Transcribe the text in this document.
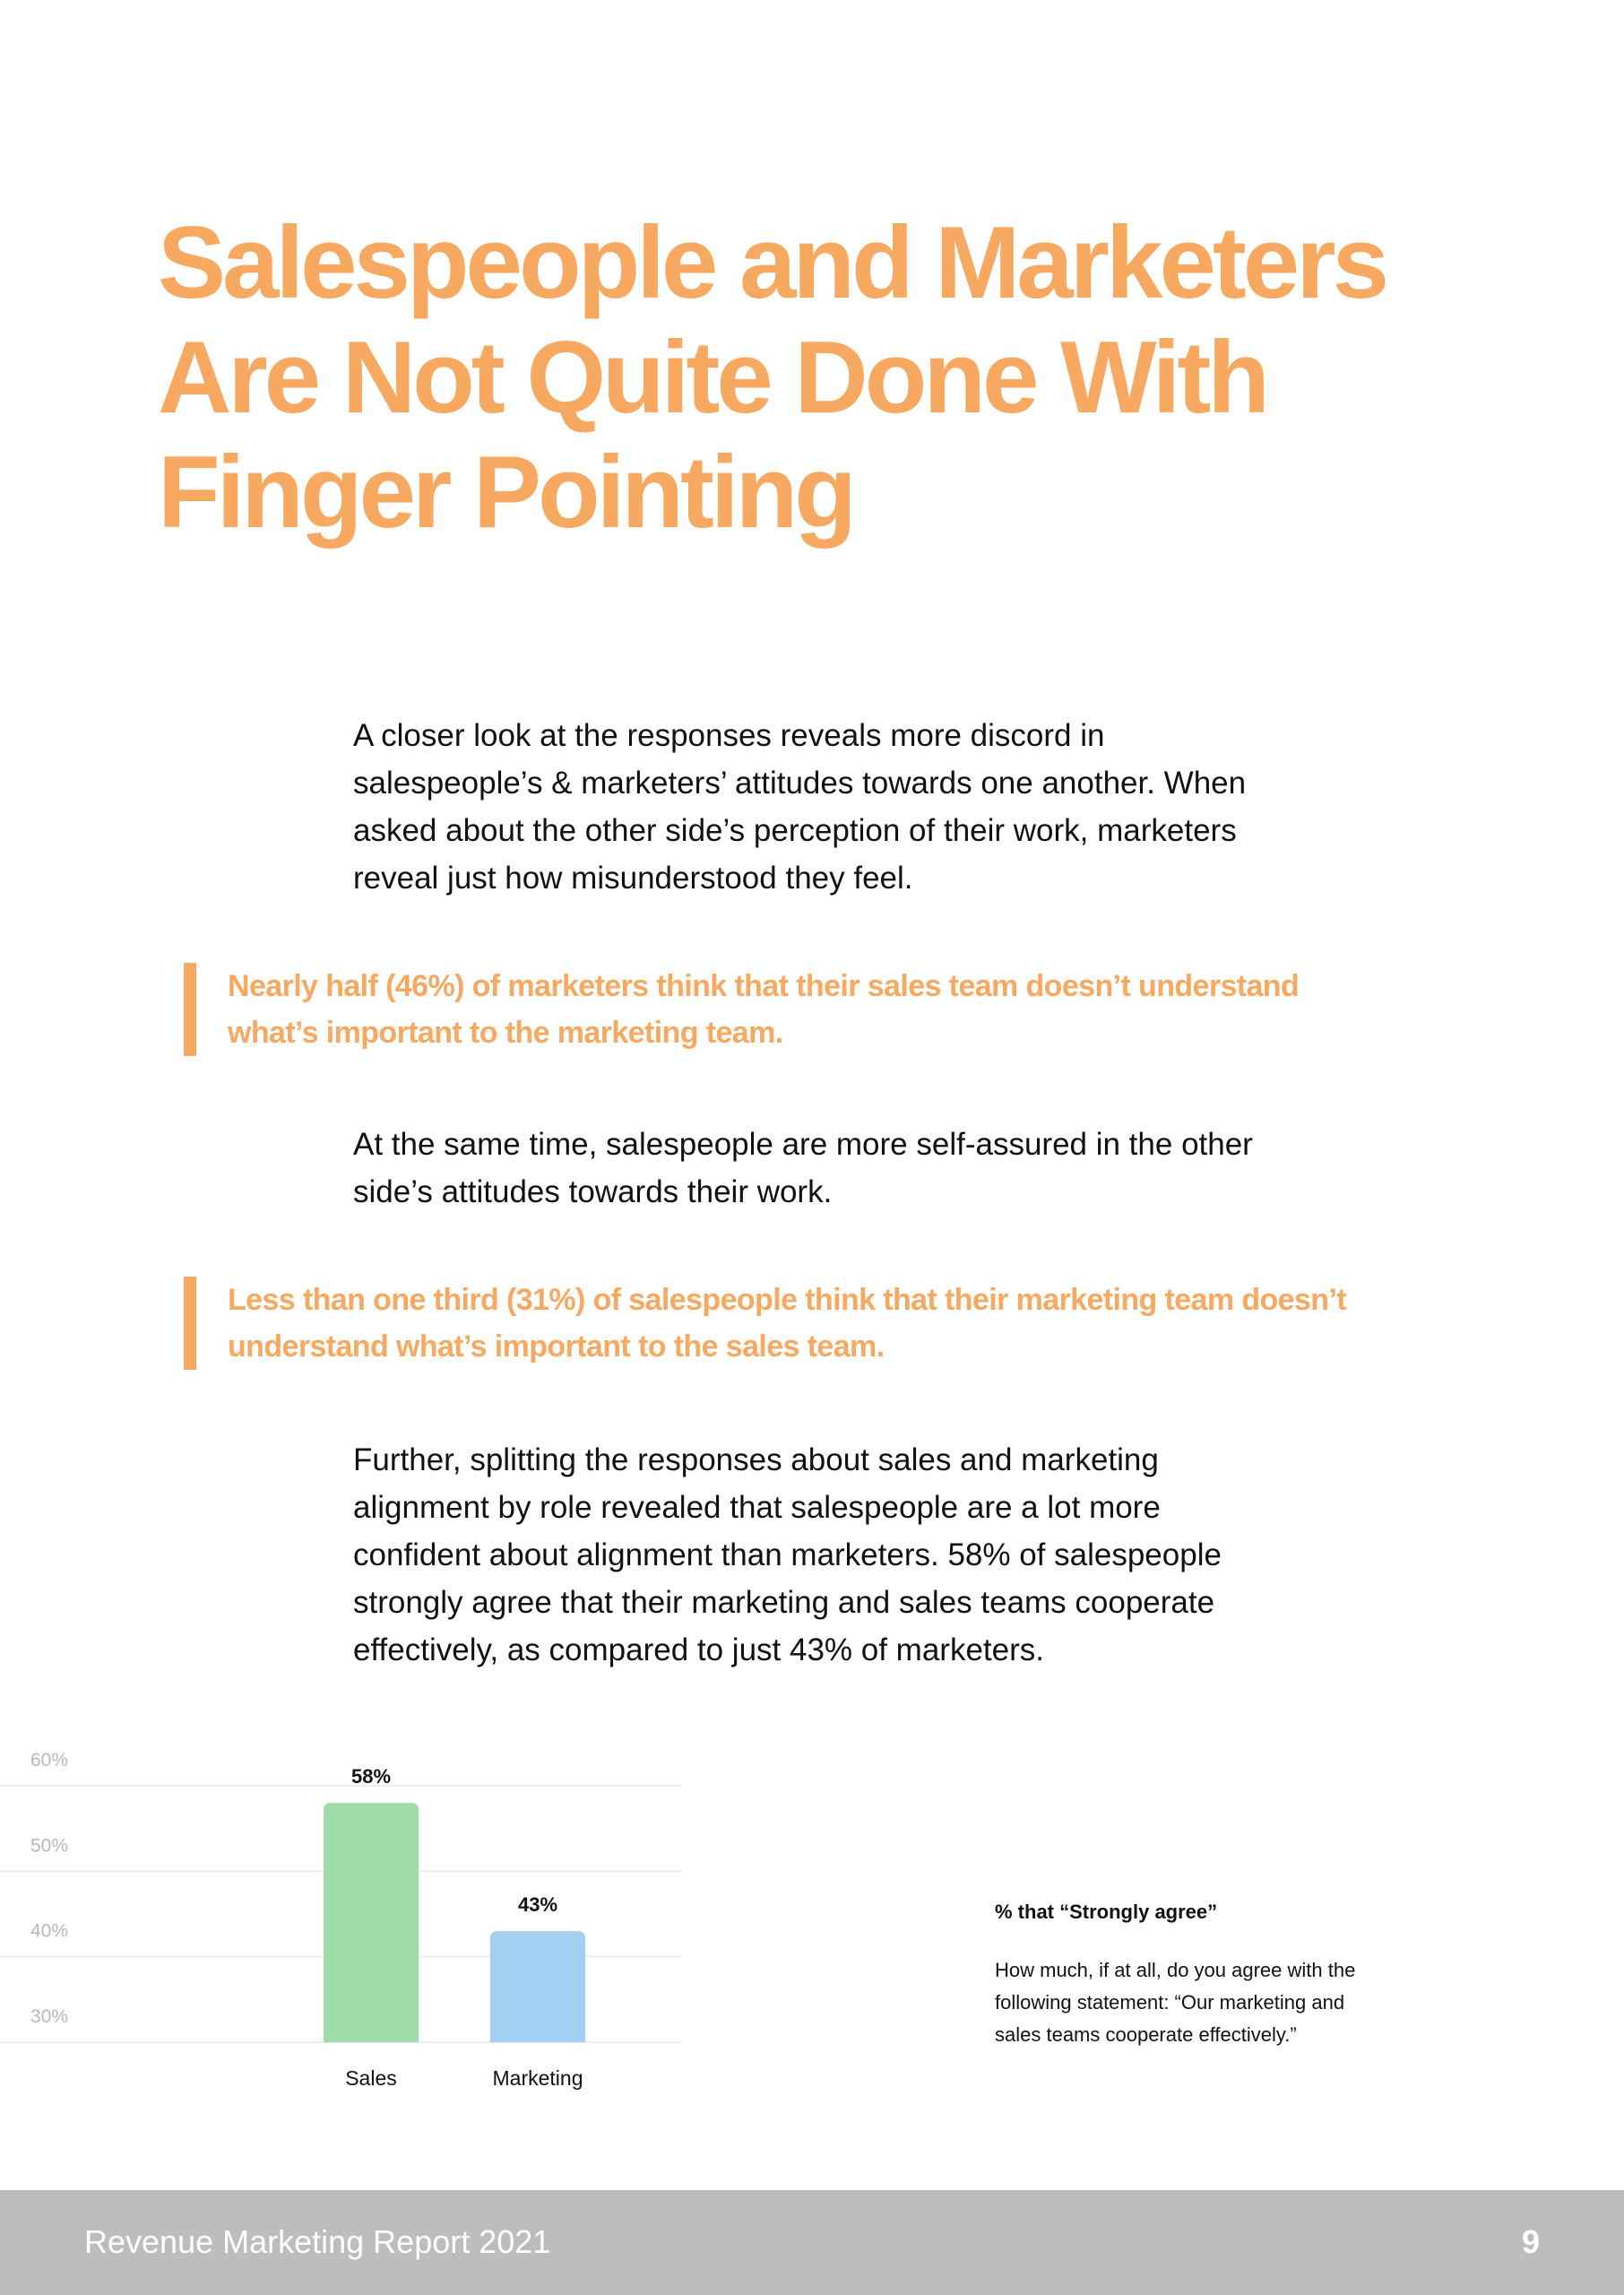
Salespeople and Marketers
Are Not Quite Done With
Finger Pointing

A closer look at the responses reveals more discord in
salespeople’s & marketers’ attitudes towards one another. When
asked about the other side’s perception of their work, marketers
reveal just how misunderstood they feel.

Nearly half (46%) of marketers think that their sales team doesn’t understand
what’s important to the marketing team.

At the same time, salespeople are more self-assured in the other
side’s attitudes towards their work.

Less than one third (31%) of salespeople think that their marketing team doesn’t
understand what’s important to the sales team.

Further, splitting the responses about sales and marketing
alignment by role revealed that salespeople are a lot more
confident about alignment than marketers. 58% of salespeople
strongly agree that their marketing and sales teams cooperate
effectively, as compared to just 43% of marketers.

30%
40%
50%
60%
58%
Sales
43%
Marketing
% that “Strongly agree”

How much, if at all, do you agree with the
following statement: “Our marketing and
sales teams cooperate effectively.”

Revenue Marketing Report 2021	9
